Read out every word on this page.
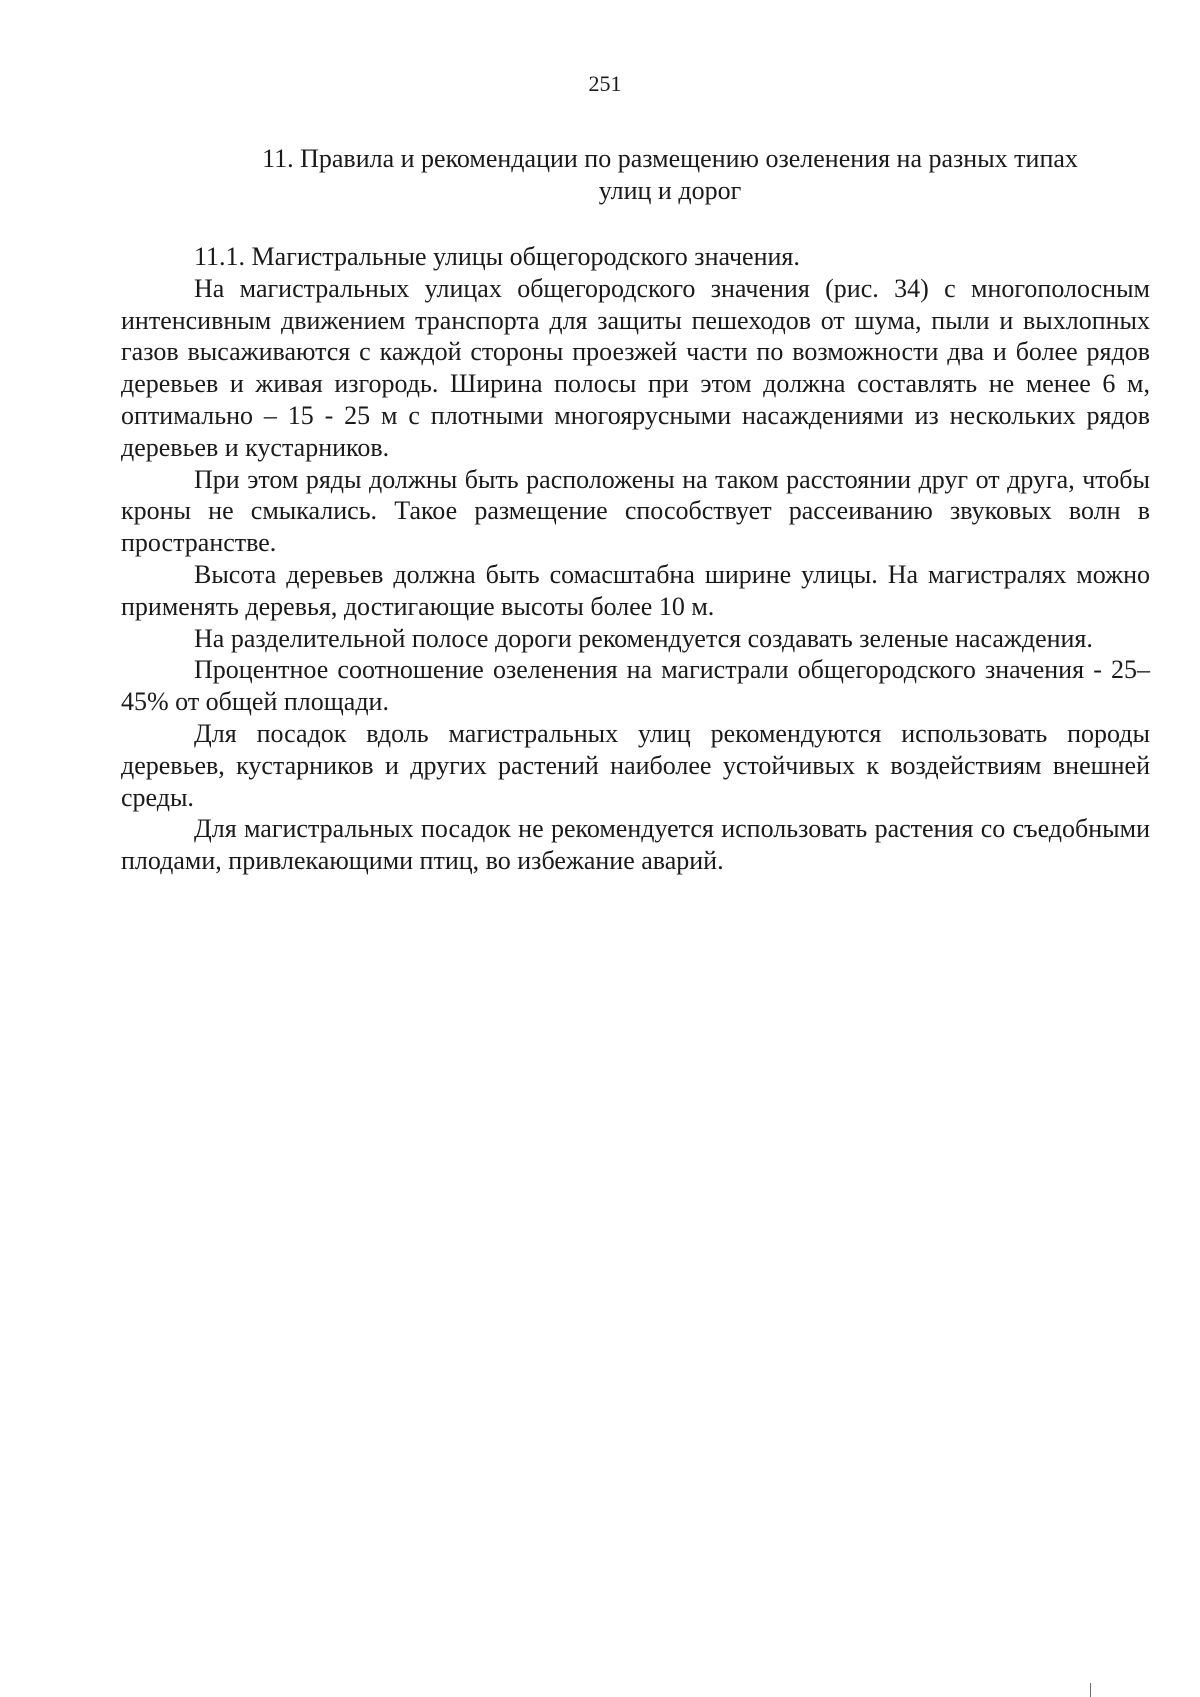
251
11. Правила и рекомендации по размещению озеленения на разных типах
улиц и дорог

11.1. Магистральные улицы общегородского значения.

На магистральных улицах общегородского значения (рис. 34) с многополосным интенсивным движением транспорта для защиты пешеходов от шума, пыли и выхлопных газов высаживаются с каждой стороны проезжей части по возможности два и более рядов деревьев и живая изгородь. Ширина полосы при этом должна составлять не менее 6 м, оптимально – 15 - 25 м с плотными многоярусными насаждениями из нескольких рядов деревьев и кустарников.

При этом ряды должны быть расположены на таком расстоянии друг от друга, чтобы кроны не смыкались. Такое размещение способствует рассеиванию звуковых волн в пространстве.

Высота деревьев должна быть сомасштабна ширине улицы. На магистралях можно применять деревья, достигающие высоты более 10 м.

На разделительной полосе дороги рекомендуется создавать зеленые насаждения.

Процентное соотношение озеленения на магистрали общегородского значения - 25–45% от общей площади.

Для посадок вдоль магистральных улиц рекомендуются использовать породы деревьев, кустарников и других растений наиболее устойчивых к воздействиям внешней среды.

Для магистральных посадок не рекомендуется использовать растения со съедобными плодами, привлекающими птиц, во избежание аварий.
